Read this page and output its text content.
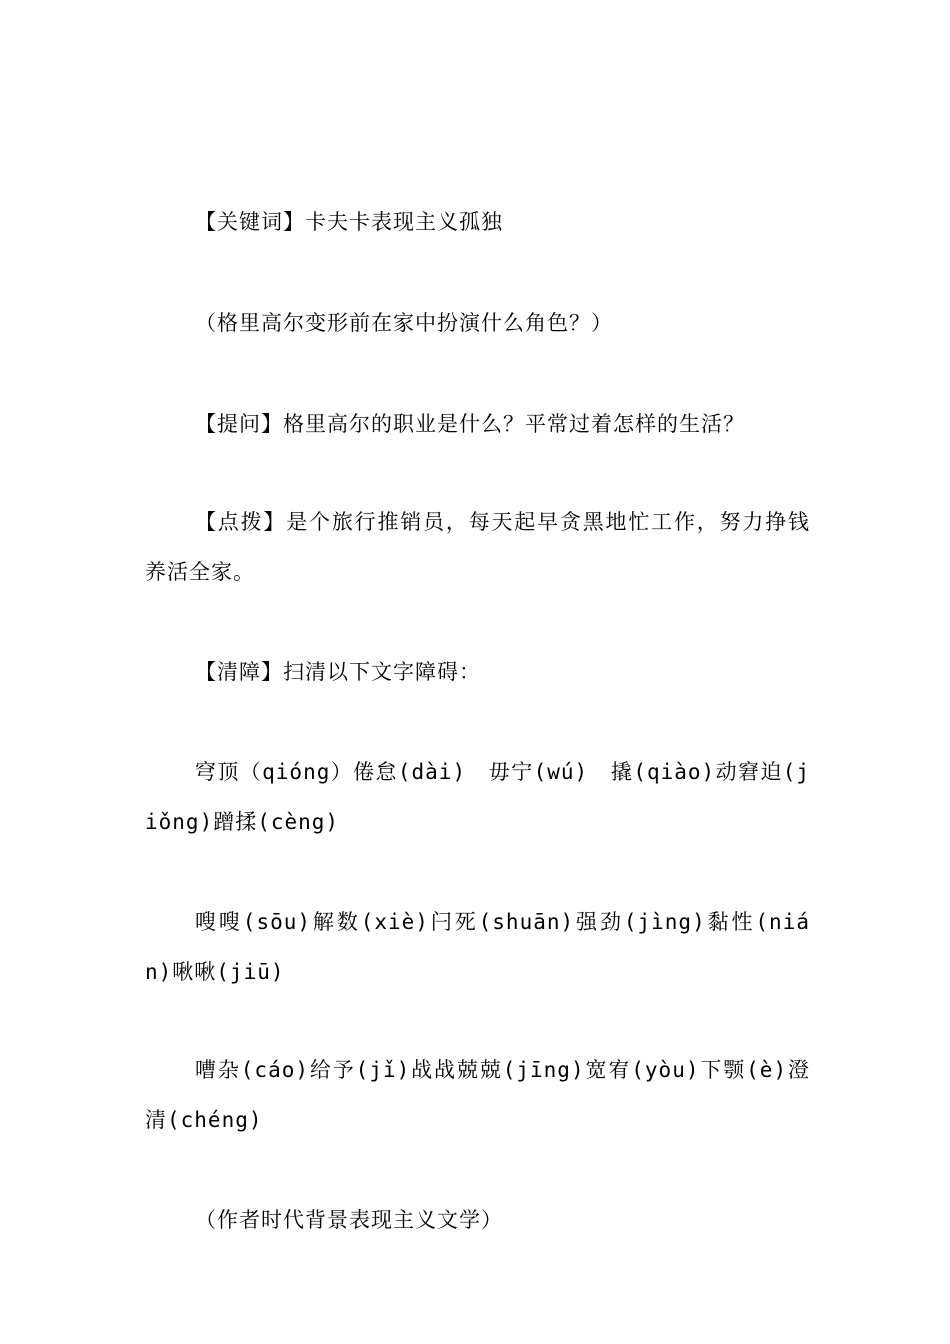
【关键词】卡夫卡表现主义孤独

（格里高尔变形前在家中扮演什么角色？）

【提问】格里高尔的职业是什么？平常过着怎样的生活？

【点拨】是个旅行推销员，每天起早贪黑地忙工作，努力挣钱养活全家。

【清障】扫清以下文字障碍：

穹顶（qióng）倦怠(dài)　毋宁(wú)　撬(qiào)动窘迫(jiǒng)蹭揉(cèng)

嗖嗖(sōu)解数(xiè)闩死(shuān)强劲(jìng)黏性(nián)啾啾(jiū)

嘈杂(cáo)给予(jǐ)战战兢兢(jīng)宽宥(yòu)下颚(è)澄清(chéng)

（作者时代背景表现主义文学）
